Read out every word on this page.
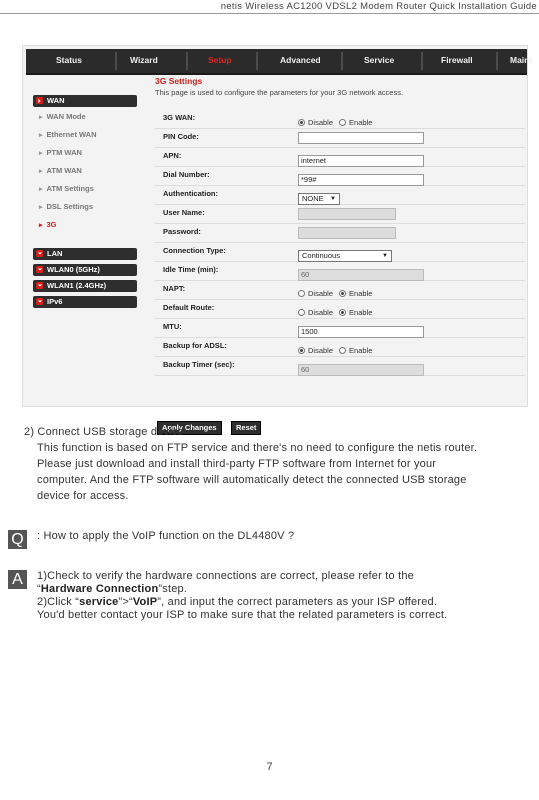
netis Wireless AC1200 VDSL2 Modem Router Quick Installation Guide
Status	Wizard	Setup	Advanced	Service	Firewall	Maint
WAN
▸ WAN Mode
▸ Ethernet WAN
▸ PTM WAN
▸ ATM WAN
▸ ATM Settings
▸ DSL Settings
▸ 3G
LAN
WLAN0 (5GHz)
WLAN1 (2.4GHz)
IPv6
3G Settings
This page is used to configure the parameters for your 3G network access.
3G WAN:
Disable Enable
PIN Code:
APN:
internet
Dial Number:
*99#
Authentication:
NONE ▼
User Name:
Password:
Connection Type:
Continuous	▼
Idle Time (min):
60
NAPT:
Disable Enable
Default Route:
Disable Enable
MTU:
1500
Backup for ADSL:
Disable Enable
Backup Timer (sec):
60
Apply Changes	Reset
2) Connect USB storage device
This function is based on FTP service and there's no need to configure the netis router.
Please just download and install third-party FTP software from Internet for your
computer. And the FTP software will automatically detect the connected USB storage
device for access.
Q : How to apply the VoIP function on the DL4480V ?
A	1)Check to verify the hardware connections are correct, please refer to the
“Hardware Connection”step.
2)Click “service”>“VoIP”, and input the correct parameters as your ISP offered.
You'd better contact your ISP to make sure that the related parameters is correct.
7
